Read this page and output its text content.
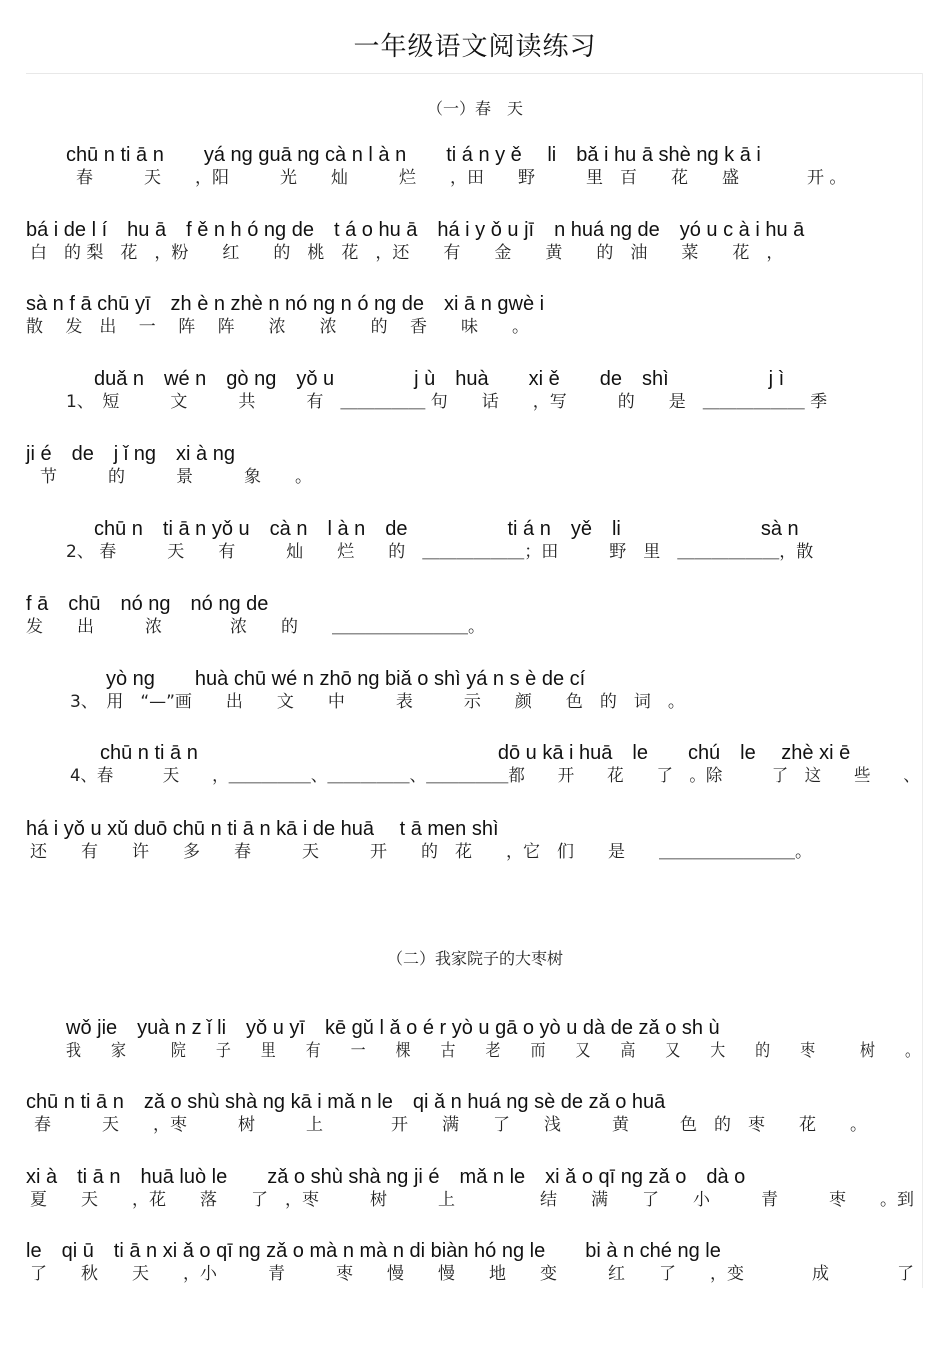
一年级语文阅读练习
（一）春　天
chū n ti ā n　　yá ng guā ng cà n l à n　　ti á n y ě　 li　bǎ i hu ā shè ng k ā i
春　　　天　　，阳　　　光　　灿　　　烂　　，田　　野　　　里　百　　花　　盛　　　　开 。
bá i de l í　hu ā　f ě n h ó ng de　t á o hu ā　há i y ǒ u jī　n huá ng de　yó u c à i hu ā
白　的 梨　花　，粉　　红　　的　桃　花　，还　　有　　金　　黄　　的　油　　菜　　花　，
sà n f ā chū yī　zh è n zhè n nó ng n ó ng de　xi ā n gwè i
散　 发　出　 一　 阵　 阵　　浓　　浓　　的　 香　　味　　。
duǎ n　wé n　gò ng　yǒ u　　　　j ù　huà　　xi ě　　de　shì　　　　　j ì
1、　短　　　文　　　共　　　有　＿＿＿＿＿ 句　　话　　，写　　　的　　是　＿＿＿＿＿＿ 季
ji é　de　j ǐ ng　xi à ng
节　　　的　　　景　　　象　　。
chū n　ti ā n yǒ u　cà n　l à n　de　　　　　ti á n　yě　li　　　　　　　sà n
2、 春　　　天　　有　　　灿　　烂　　的　＿＿＿＿＿＿；田　　　野　里　＿＿＿＿＿＿，散
f ā　chū　nó ng　nó ng de
发　　出　　　浓　　　　浓　　的　　＿＿＿＿＿＿＿＿。
yò ng　　huà chū wé n zhō ng biǎ o shì yá n s è de cí
3、　用　“—”画　　出　　文　　中　　　表　　　示　　颜　　色　的　词　。
chū n ti ā n　　　　　　　　　　　　　　　dō u kā i huā　le　　chú　le　 zhè xi ē
4、春　　　天　　，＿＿＿＿＿、＿＿＿＿＿、＿＿＿＿＿都　　开　　花　　了　。除　　　了　这　　些　　、
há i yǒ u xǔ duō chū n ti ā n kā i de huā　 t ā men shì
还　　有　　许　　多　　春　　　天　　　开　　的　花　　，它　们　　是　　＿＿＿＿＿＿＿＿。
（二）我家院子的大枣树
wǒ jie　yuà n z ǐ li　yǒ u yī　kē gǔ l ǎ o é r yò u gā o yò u dà de zǎ o sh ù
我　　家　　　院　　子　　里　　有　　一　　棵　　古　　老　　而　　又　　高　　又　　大　　的　　枣　　　树　　。
chū n ti ā n　zǎ o shù shà ng kā i mǎ n le　qi ǎ n huá ng sè de zǎ o huā
春　　　天　　，枣　　　树　　　上　　　　开　　满　　了　　浅　　　黄　　　色　的　枣　　花　　。
xi à　ti ā n　huā luò le　　zǎ o shù shà ng ji é　mǎ n le　xi ǎ o qī ng zǎ o　dà o
夏　　天　　，花　　落　　了　，枣　　　树　　　上　　　　　结　　满　　了　　小　　　青　　　枣　　。到
le　qi ū　ti ā n xi ǎ o qī ng zǎ o mà n mà n di biàn hó ng le　　bi à n ché ng le
了　　秋　　天　　，小　　　青　　　枣　　慢　　慢　　地　　变　　　红　　了　　，变　　　　成　　　　了
